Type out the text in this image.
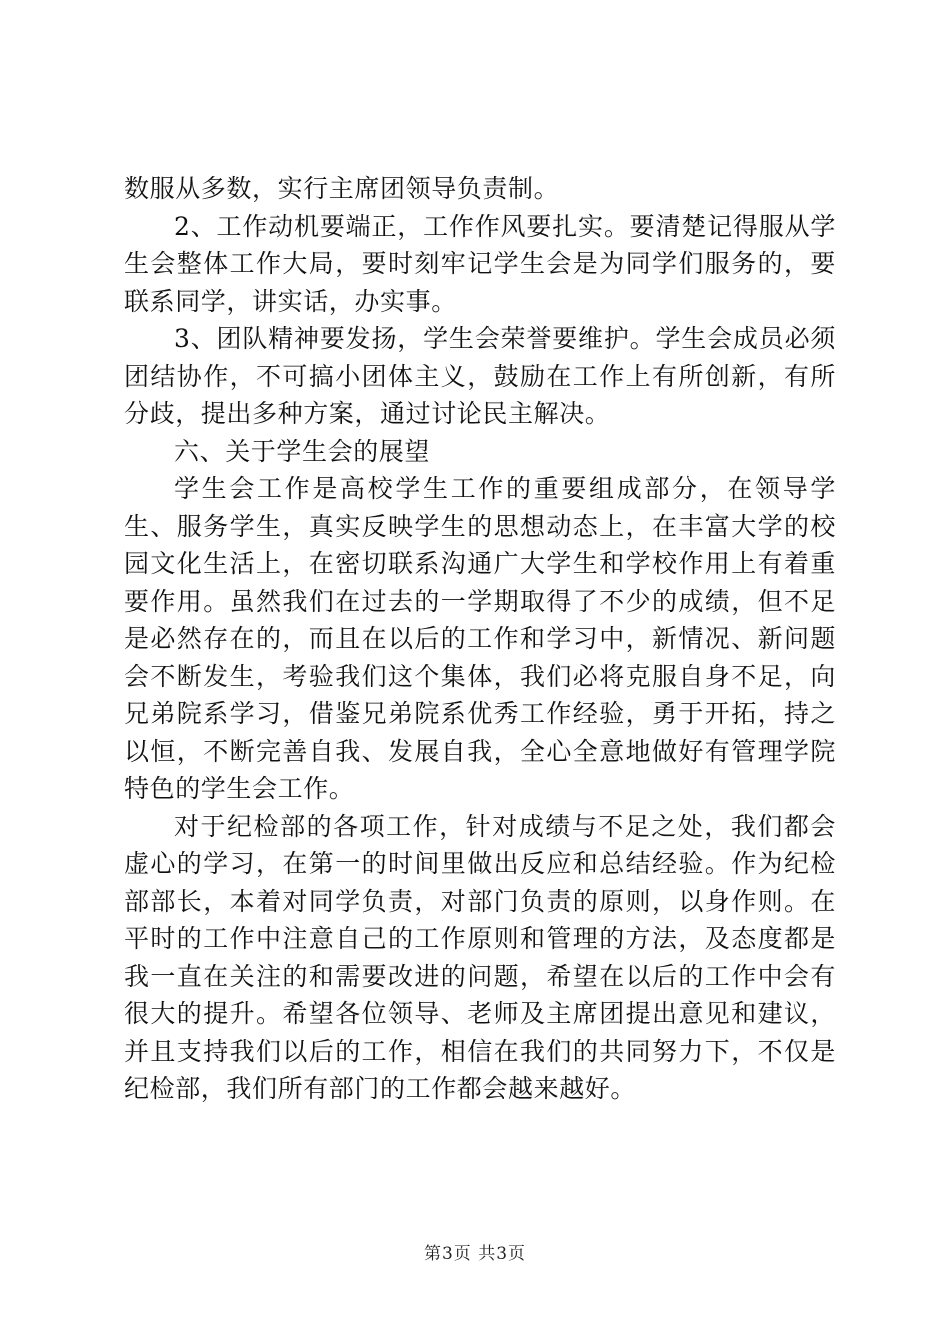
数服从多数，实行主席团领导负责制。

2、工作动机要端正，工作作风要扎实。要清楚记得服从学生会整体工作大局，要时刻牢记学生会是为同学们服务的，要联系同学，讲实话，办实事。

3、团队精神要发扬，学生会荣誉要维护。学生会成员必须团结协作，不可搞小团体主义，鼓励在工作上有所创新，有所分歧，提出多种方案，通过讨论民主解决。

六、关于学生会的展望

学生会工作是高校学生工作的重要组成部分，在领导学生、服务学生，真实反映学生的思想动态上，在丰富大学的校园文化生活上，在密切联系沟通广大学生和学校作用上有着重要作用。虽然我们在过去的一学期取得了不少的成绩，但不足是必然存在的，而且在以后的工作和学习中，新情况、新问题会不断发生，考验我们这个集体，我们必将克服自身不足，向兄弟院系学习，借鉴兄弟院系优秀工作经验，勇于开拓，持之以恒，不断完善自我、发展自我，全心全意地做好有管理学院特色的学生会工作。

对于纪检部的各项工作，针对成绩与不足之处，我们都会虚心的学习，在第一的时间里做出反应和总结经验。作为纪检部部长，本着对同学负责，对部门负责的原则，以身作则。在平时的工作中注意自己的工作原则和管理的方法，及态度都是我一直在关注的和需要改进的问题，希望在以后的工作中会有很大的提升。希望各位领导、老师及主席团提出意见和建议，并且支持我们以后的工作，相信在我们的共同努力下，不仅是纪检部，我们所有部门的工作都会越来越好。

第3页 共3页
